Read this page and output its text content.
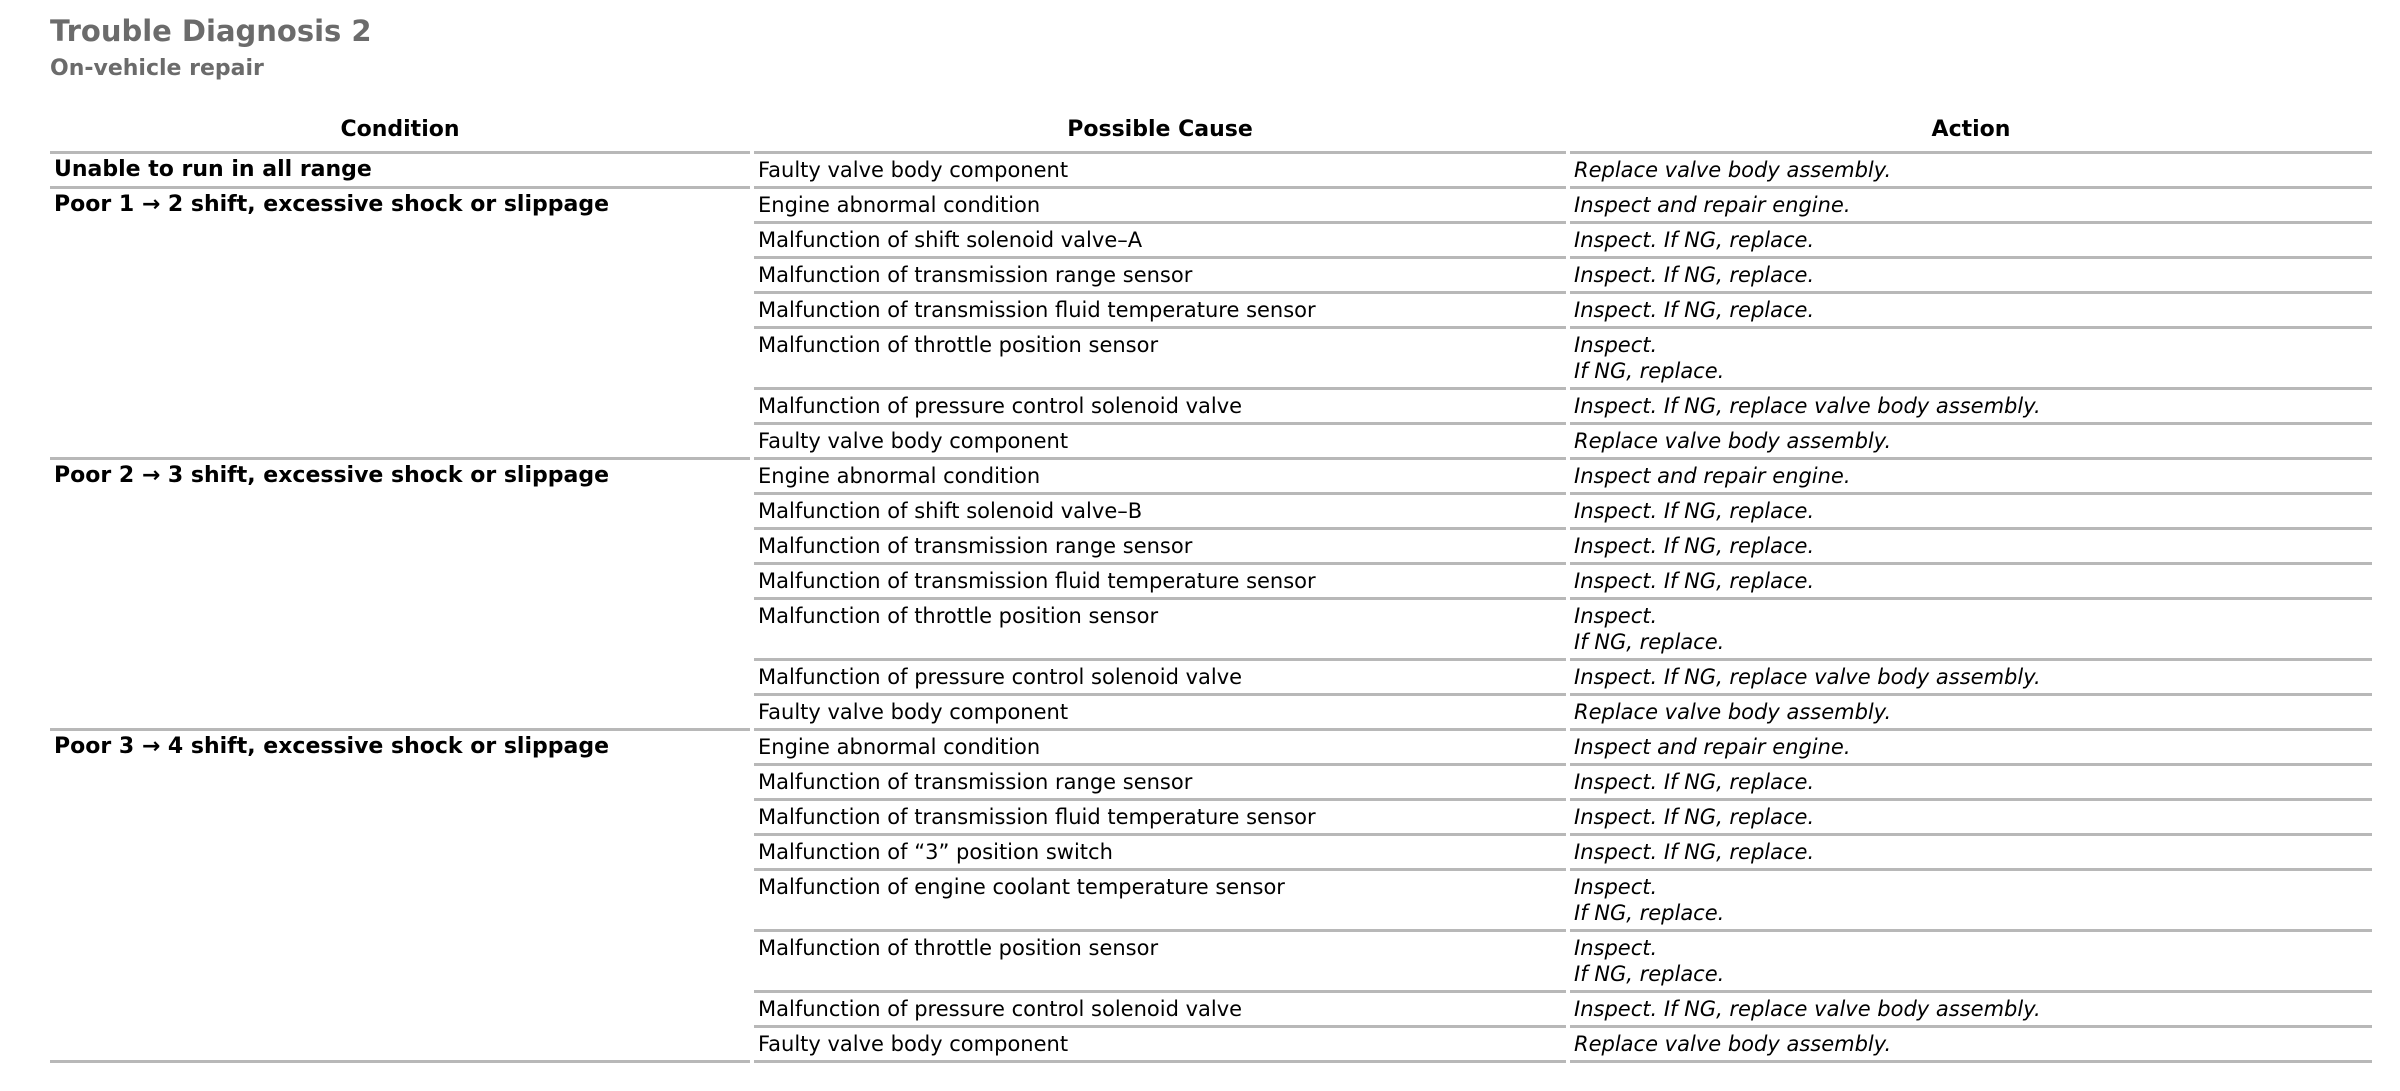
Trouble Diagnosis 2
On-vehicle repair
Condition	Possible Cause	Action
Unable to run in all range	Faulty valve body component	Replace valve body assembly.

Poor 1 → 2 shift, excessive shock or slippage	Engine abnormal condition	Inspect and repair engine.

	Malfunction of shift solenoid valve–A	Inspect. If NG, replace.

	Malfunction of transmission range sensor	Inspect. If NG, replace.

	Malfunction of transmission fluid temperature sensor	Inspect. If NG, replace.

	Malfunction of throttle position sensor	Inspect.
If NG, replace.

	Malfunction of pressure control solenoid valve	Inspect. If NG, replace valve body assembly.

	Faulty valve body component	Replace valve body assembly.

Poor 2 → 3 shift, excessive shock or slippage	Engine abnormal condition	Inspect and repair engine.

	Malfunction of shift solenoid valve–B	Inspect. If NG, replace.

	Malfunction of transmission range sensor	Inspect. If NG, replace.

	Malfunction of transmission fluid temperature sensor	Inspect. If NG, replace.

	Malfunction of throttle position sensor	Inspect.
If NG, replace.

	Malfunction of pressure control solenoid valve	Inspect. If NG, replace valve body assembly.

	Faulty valve body component	Replace valve body assembly.

Poor 3 → 4 shift, excessive shock or slippage	Engine abnormal condition	Inspect and repair engine.

	Malfunction of transmission range sensor	Inspect. If NG, replace.

	Malfunction of transmission fluid temperature sensor	Inspect. If NG, replace.

	Malfunction of “3” position switch	Inspect. If NG, replace.

	Malfunction of engine coolant temperature sensor	Inspect.
If NG, replace.

	Malfunction of throttle position sensor	Inspect.
If NG, replace.

	Malfunction of pressure control solenoid valve	Inspect. If NG, replace valve body assembly.

	Faulty valve body component	Replace valve body assembly.
